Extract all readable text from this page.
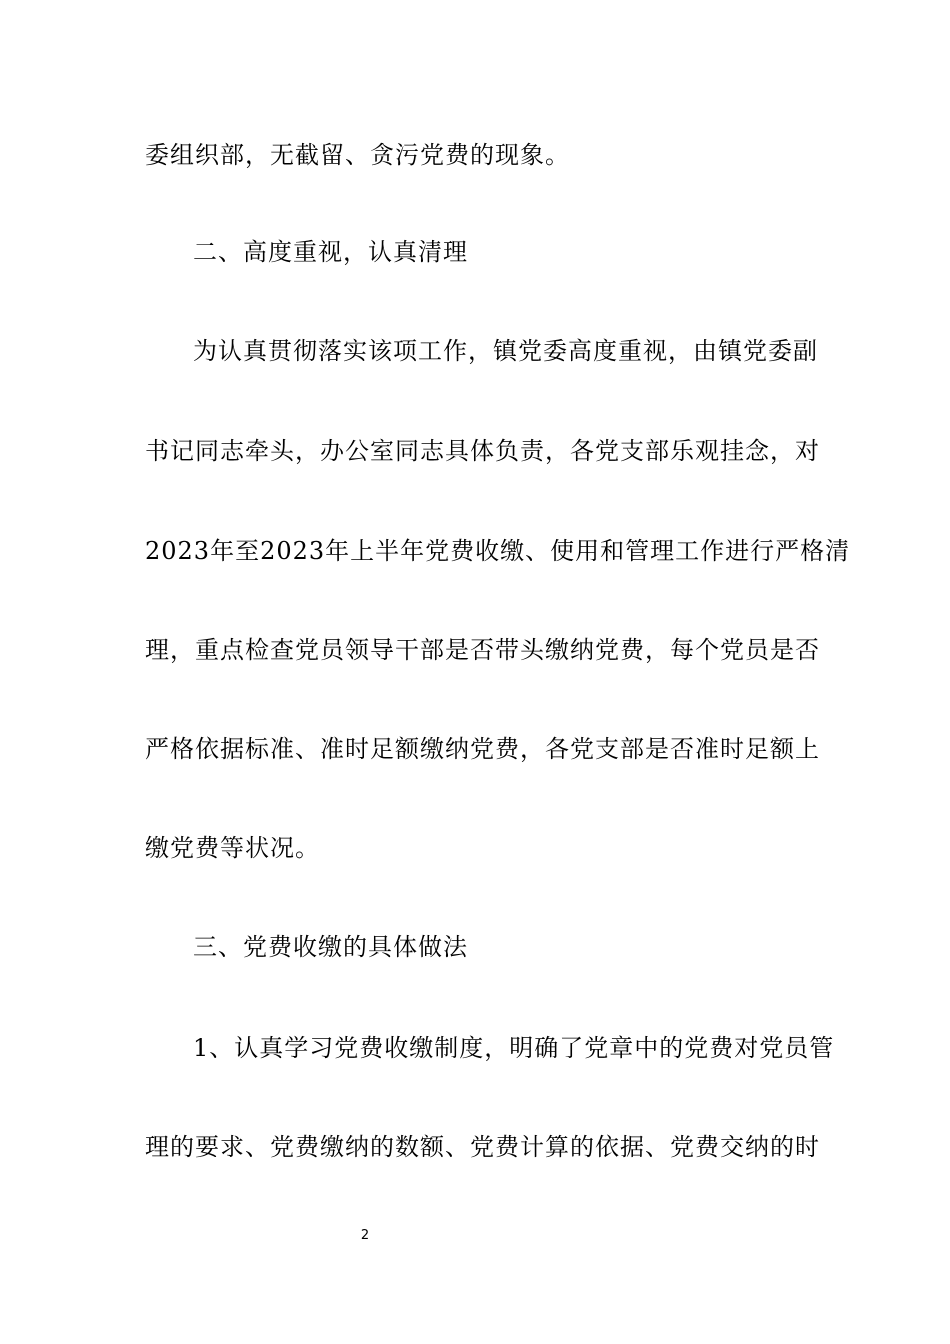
委组织部，无截留、贪污党费的现象。
二、高度重视，认真清理
为认真贯彻落实该项工作，镇党委高度重视，由镇党委副
书记同志牵头，办公室同志具体负责，各党支部乐观挂念，对
2023年至2023年上半年党费收缴、使用和管理工作进行严格清
理，重点检查党员领导干部是否带头缴纳党费，每个党员是否
严格依据标准、准时足额缴纳党费，各党支部是否准时足额上
缴党费等状况。
三、党费收缴的具体做法
1、认真学习党费收缴制度，明确了党章中的党费对党员管
理的要求、党费缴纳的数额、党费计算的依据、党费交纳的时
2
